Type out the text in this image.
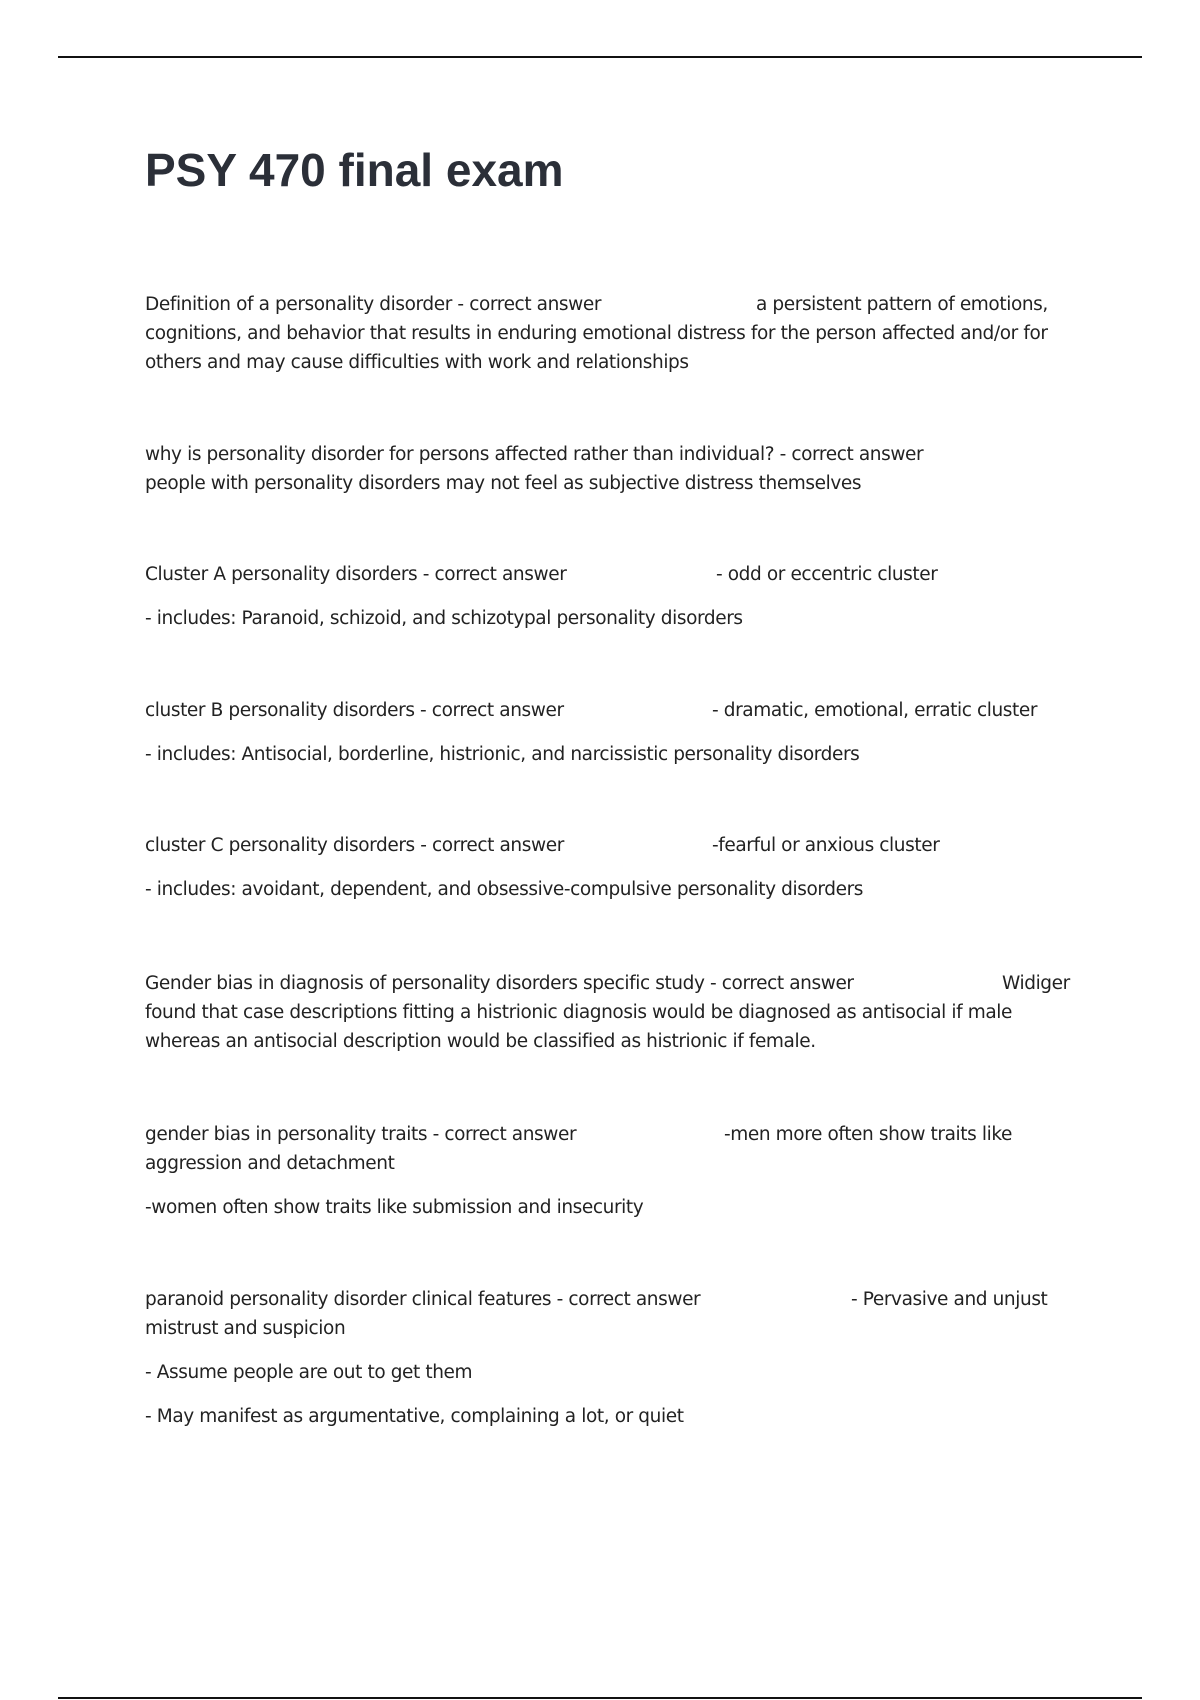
PSY 470 final exam

Definition of a personality disorder - correct answer	a persistent pattern of emotions,
cognitions, and behavior that results in enduring emotional distress for the person affected and/or for
others and may cause difficulties with work and relationships

why is personality disorder for persons affected rather than individual? - correct answer
people with personality disorders may not feel as subjective distress themselves

Cluster A personality disorders - correct answer	- odd or eccentric cluster

- includes: Paranoid, schizoid, and schizotypal personality disorders

cluster B personality disorders - correct answer	- dramatic, emotional, erratic cluster

- includes: Antisocial, borderline, histrionic, and narcissistic personality disorders

cluster C personality disorders - correct answer	-fearful or anxious cluster

- includes: avoidant, dependent, and obsessive-compulsive personality disorders

Gender bias in diagnosis of personality disorders specific study - correct answer	Widiger
found that case descriptions fitting a histrionic diagnosis would be diagnosed as antisocial if male
whereas an antisocial description would be classified as histrionic if female.

gender bias in personality traits - correct answer	-men more often show traits like
aggression and detachment

-women often show traits like submission and insecurity

paranoid personality disorder clinical features - correct answer	- Pervasive and unjust
mistrust and suspicion

- Assume people are out to get them

- May manifest as argumentative, complaining a lot, or quiet
